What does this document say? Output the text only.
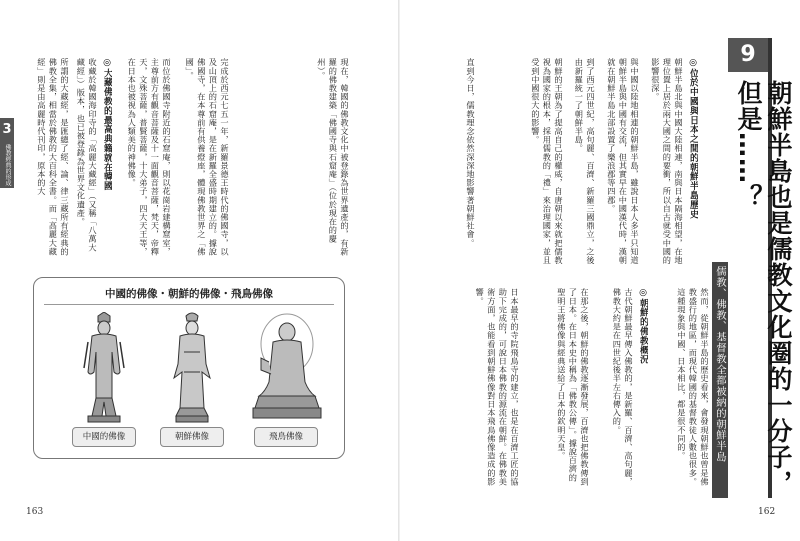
3
佛教經典的形成	現在，韓國的佛教文化中被登錄為世界遺產的，有新羅的佛教建築「佛國寺與石窟庵」（位於現在的慶州）。
完成於西元七五一年，新羅景德王時代的佛國寺，以及山頂上的石窟庵，是在新羅全盛時期建立的。據說佛國寺，在本尊前有供養燈座，體現佛教世界之「佛國」。
而位於佛國寺附近的石窟庵，則以花崗岩建構窟室，主尊前方有觀音菩薩及十一面觀音菩薩，梵天，帝釋天，文殊菩薩，普賢菩薩，十大弟子，四大天王等，在日本也被視為人類美的神佛像。
◎大藏佛教的最高典籍就在韓國
收藏於韓國海印寺的「高麗大藏經」（又稱「八萬大藏經」）版本，也已被登錄為世界文化遺產。
所謂的大藏經，是匯總了經、論、律三藏所有經典的佛教全集，相當於佛教的大百科全書。而「高麗大藏經」則是由高麗時代刊印，原本的大
中國的佛像・朝鮮的佛像・飛鳥佛像
中國的佛像	朝鮮佛像	飛鳥佛像
163
9
朝鮮半島也是儒教文化圈的一分子，但是……？
儒教、佛教、基督教全都被納的朝鮮半島
◎位於中國與日本之間的朝鮮半島歷史
朝鮮半島北與中國大陸相連，南與日本隔海相望，在地理位置上居於兩大國之間的要衝，所以自古就受中國的影響很深。
與中國以陸地相連的朝鮮半島，雖說日本人多半只知道朝鮮半島與中國有交流，但其實早在中國漢代時，漢朝就在朝鮮半島北部設置了樂浪郡等四郡。
到了西元四世紀，高句麗、百濟、新羅三國鼎立，之後由新羅統一了朝鮮半島。
朝鮮的王朝為了提高自己的權威，自唐朝以來就把儒教視為國家的根本，採用儒教的「禮」來治理國家，並且受到中國很大的影響。
直到今日，儒教理念依然深深地影響著朝鮮社會。
然而，從朝鮮半島的歷史看來，會發現朝鮮也曾是佛教盛行的地區，而現代韓國的基督教徒人數也很多。這種現象與中國、日本相比，都是很不同的。
◎朝鮮的佛教概況
古代朝鮮最早傳入佛教的，是新羅、百濟、高句麗，佛教大約是在四世紀後半左右傳入的。
在那之後，朝鮮的佛教逐漸發展，百濟也把佛教傳到了日本。在日本史中稱為「佛教公傳」。據說百濟的聖明王將佛像與經典送給了日本的欽明天皇。
日本最早的寺院飛鳥寺的建立，也是在百濟工匠的協助下完成的，可說日本佛教的源流在朝鮮。在佛教美術方面，也能看到朝鮮佛像對日本飛鳥佛像造成的影響。
162
